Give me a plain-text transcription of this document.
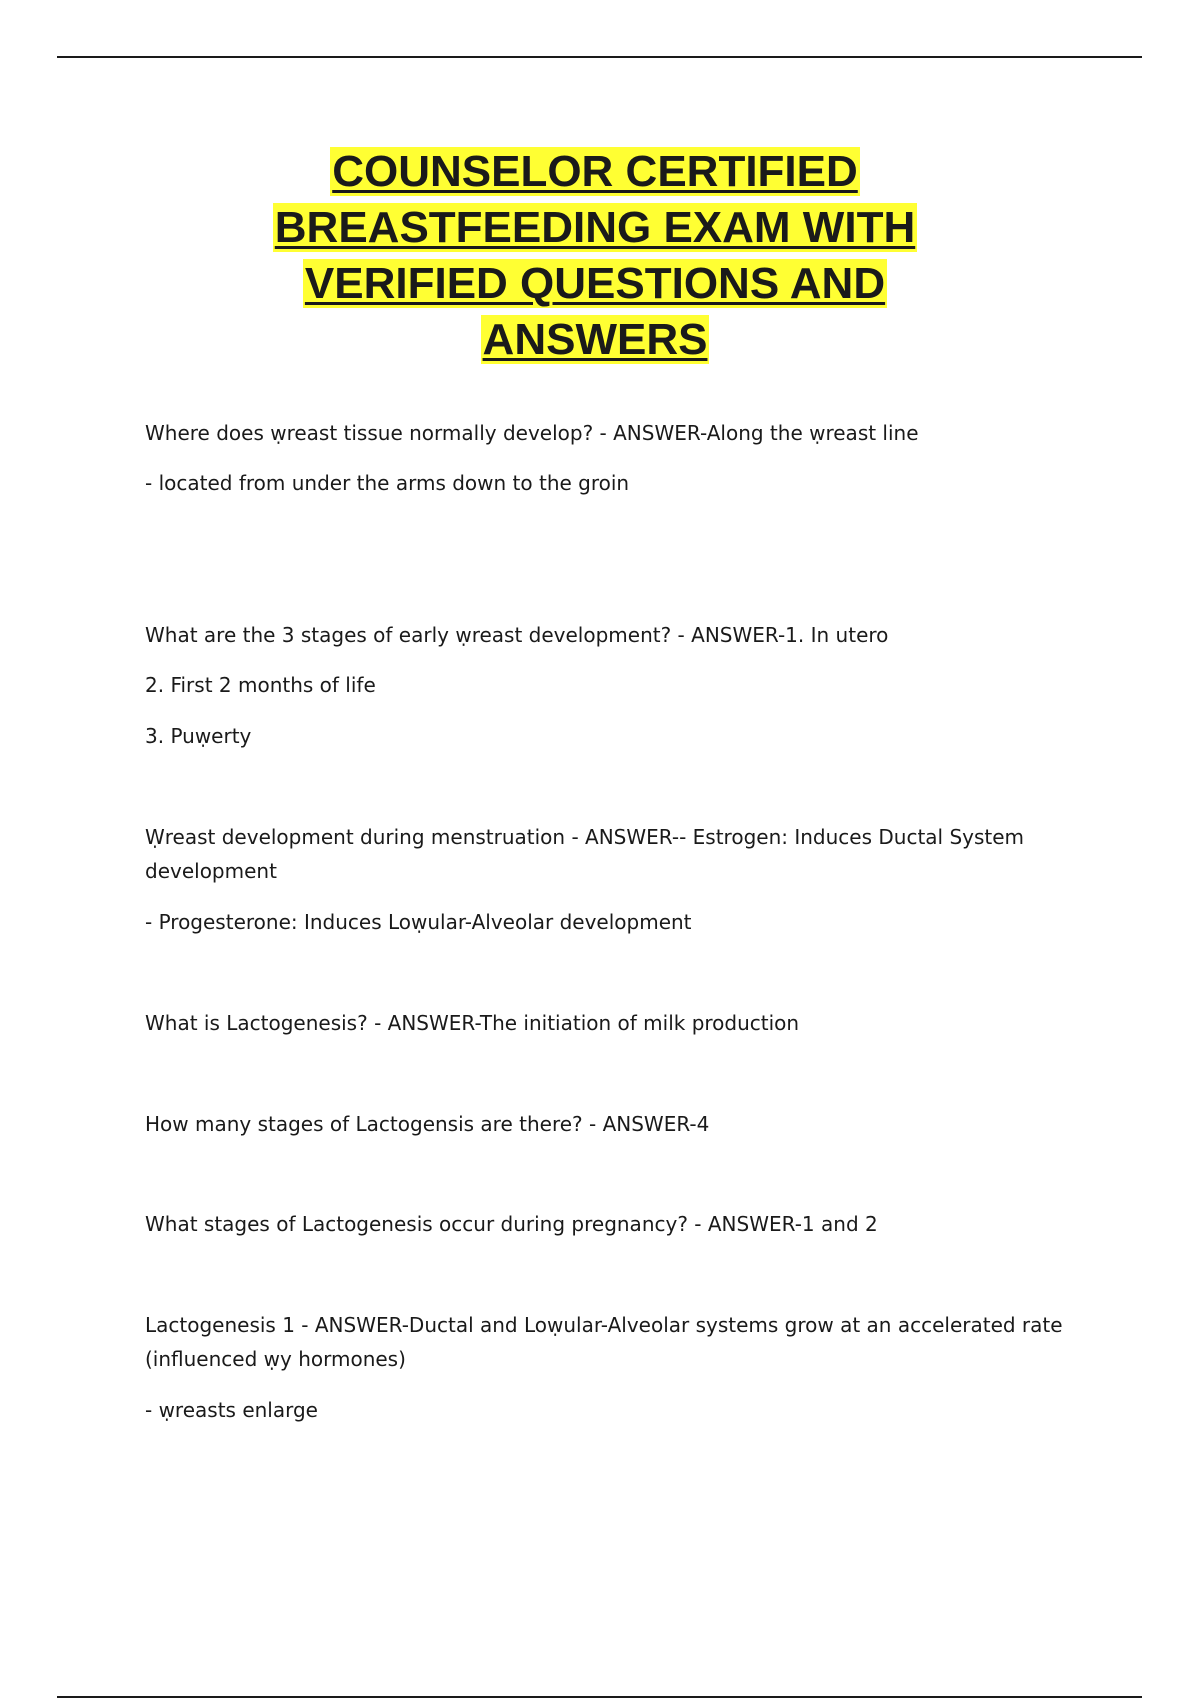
COUNSELOR CERTIFIED
BREASTFEEDING EXAM WITH
VERIFIED QUESTIONS AND
ANSWERS
Where does ẉreast tissue normally develop? - ANSWER-Along the ẉreast line
- located from under the arms down to the groin
What are the 3 stages of early ẉreast development? - ANSWER-1. In utero
2. First 2 months of life
3. Puẉerty
Ẉreast development during menstruation - ANSWER-- Estrogen: Induces Ductal System
development
- Progesterone: Induces Loẉular-Alveolar development
What is Lactogenesis? - ANSWER-The initiation of milk production
How many stages of Lactogensis are there? - ANSWER-4
What stages of Lactogenesis occur during pregnancy? - ANSWER-1 and 2
Lactogenesis 1 - ANSWER-Ductal and Loẉular-Alveolar systems grow at an accelerated rate
(influenced ẉy hormones)
- ẉreasts enlarge
